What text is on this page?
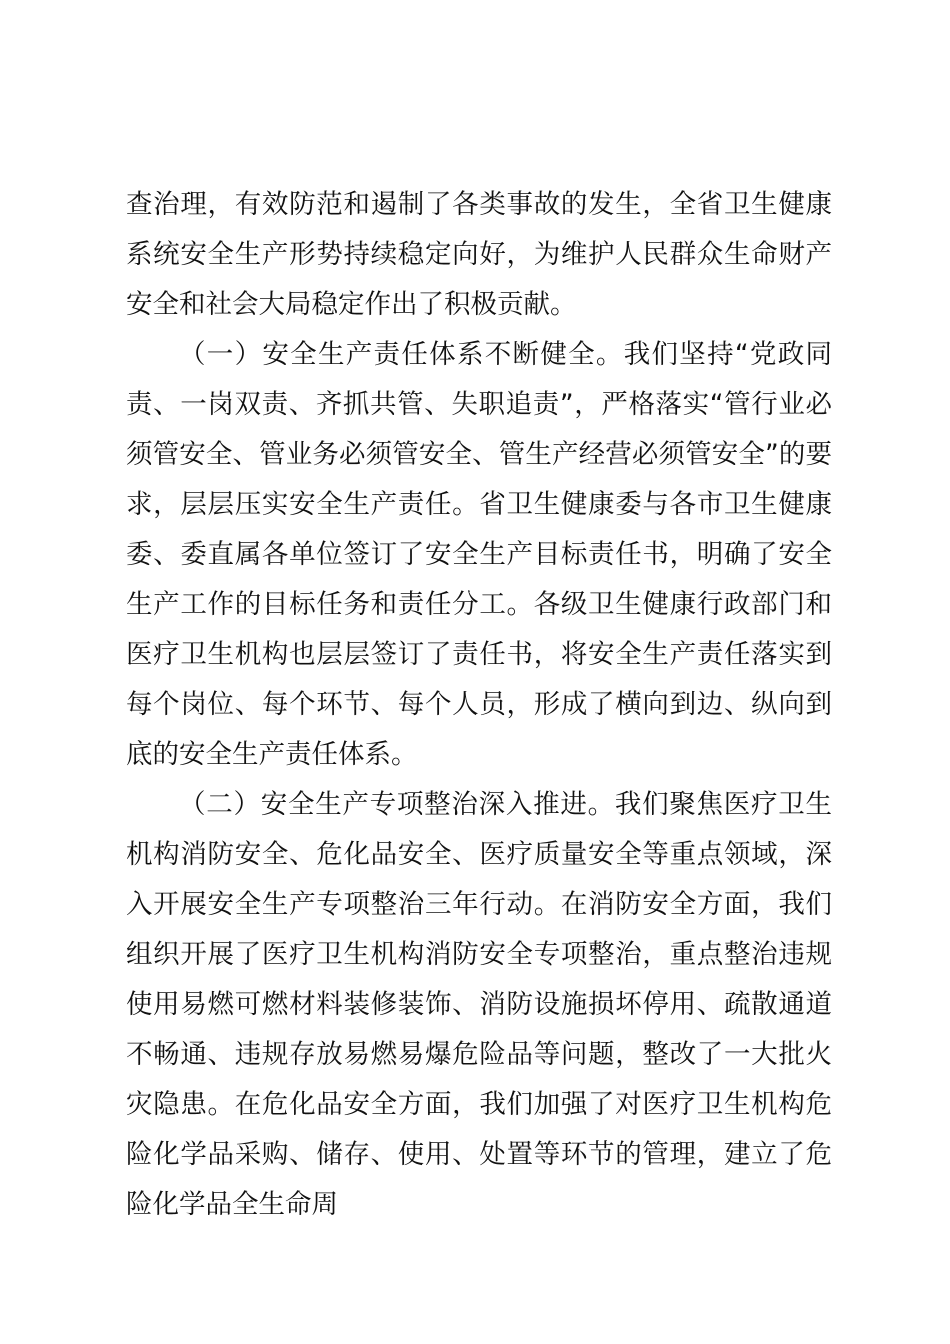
查治理，有效防范和遏制了各类事故的发生，全省卫生健康系统安全生产形势持续稳定向好，为维护人民群众生命财产安全和社会大局稳定作出了积极贡献。

（一）安全生产责任体系不断健全。我们坚持“党政同责、一岗双责、齐抓共管、失职追责”，严格落实“管行业必须管安全、管业务必须管安全、管生产经营必须管安全”的要求，层层压实安全生产责任。省卫生健康委与各市卫生健康委、委直属各单位签订了安全生产目标责任书，明确了安全生产工作的目标任务和责任分工。各级卫生健康行政部门和医疗卫生机构也层层签订了责任书，将安全生产责任落实到每个岗位、每个环节、每个人员，形成了横向到边、纵向到底的安全生产责任体系。

（二）安全生产专项整治深入推进。我们聚焦医疗卫生机构消防安全、危化品安全、医疗质量安全等重点领域，深入开展安全生产专项整治三年行动。在消防安全方面，我们组织开展了医疗卫生机构消防安全专项整治，重点整治违规使用易燃可燃材料装修装饰、消防设施损坏停用、疏散通道不畅通、违规存放易燃易爆危险品等问题，整改了一大批火灾隐患。在危化品安全方面，我们加强了对医疗卫生机构危险化学品采购、储存、使用、处置等环节的管理，建立了危险化学品全生命周
